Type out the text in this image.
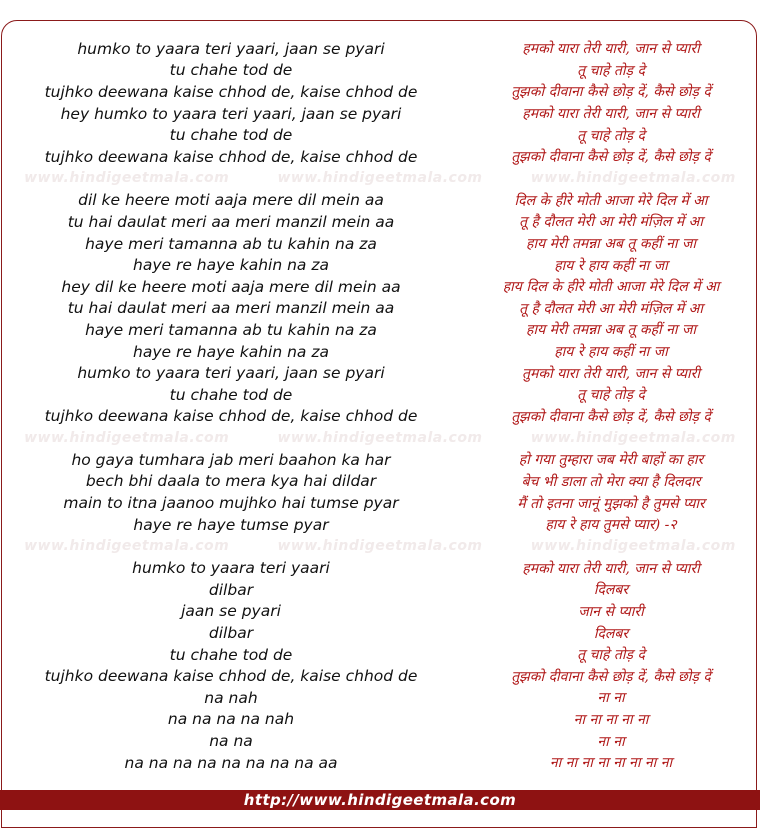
www.hindigeetmala.com	www.hindigeetmala.com	www.hindigeetmala.com
www.hindigeetmala.com	www.hindigeetmala.com	www.hindigeetmala.com
www.hindigeetmala.com	www.hindigeetmala.com	www.hindigeetmala.com
humko to yaara teri yaari, jaan se pyari	हमको यारा तेरी यारी, जान से प्यारी
tu chahe tod de	तू चाहे तोड़ दे
tujhko deewana kaise chhod de, kaise chhod de	तुझको दीवाना कैसे छोड़ दें, कैसे छोड़ दें
hey humko to yaara teri yaari, jaan se pyari	हमको यारा तेरी यारी, जान से प्यारी
tu chahe tod de	तू चाहे तोड़ दे
tujhko deewana kaise chhod de, kaise chhod de	तुझको दीवाना कैसे छोड़ दें, कैसे छोड़ दें
dil ke heere moti aaja mere dil mein aa	दिल के हीरे मोती आजा मेरे दिल में आ
tu hai daulat meri aa meri manzil mein aa	तू है दौलत मेरी आ मेरी मंज़िल में आ
haye meri tamanna ab tu kahin na za	हाय मेरी तमन्ना अब तू कहीं ना जा
haye re haye kahin na za	हाय रे हाय कहीं ना जा
hey dil ke heere moti aaja mere dil mein aa	हाय दिल के हीरे मोती आजा मेरे दिल में आ
tu hai daulat meri aa meri manzil mein aa	तू है दौलत मेरी आ मेरी मंज़िल में आ
haye meri tamanna ab tu kahin na za	हाय मेरी तमन्ना अब तू कहीं ना जा
haye re haye kahin na za	हाय रे हाय कहीं ना जा
humko to yaara teri yaari, jaan se pyari	तुमको यारा तेरी यारी, जान से प्यारी
tu chahe tod de	तू चाहे तोड़ दे
tujhko deewana kaise chhod de, kaise chhod de	तुझको दीवाना कैसे छोड़ दें, कैसे छोड़ दें
ho gaya tumhara jab meri baahon ka har	हो गया तुम्हारा जब मेरी बाहों का हार
bech bhi daala to mera kya hai dildar	बेच भी डाला तो मेरा क्या है दिलदार
main to itna jaanoo mujhko hai tumse pyar	मैं तो इतना जानूं मुझको है तुमसे प्यार
haye re haye tumse pyar	हाय रे हाय तुमसे प्यार) -२
humko to yaara teri yaari	हमको यारा तेरी यारी, जान से प्यारी
dilbar	दिलबर
jaan se pyari	जान से प्यारी
dilbar	दिलबर
tu chahe tod de	तू चाहे तोड़ दे
tujhko deewana kaise chhod de, kaise chhod de	तुझको दीवाना कैसे छोड़ दें, कैसे छोड़ दें
na nah	ना ना
na na na na nah	ना ना ना ना ना
na na	ना ना
na na na na na na na na aa	ना ना ना ना ना ना ना ना
http://www.hindigeetmala.com
